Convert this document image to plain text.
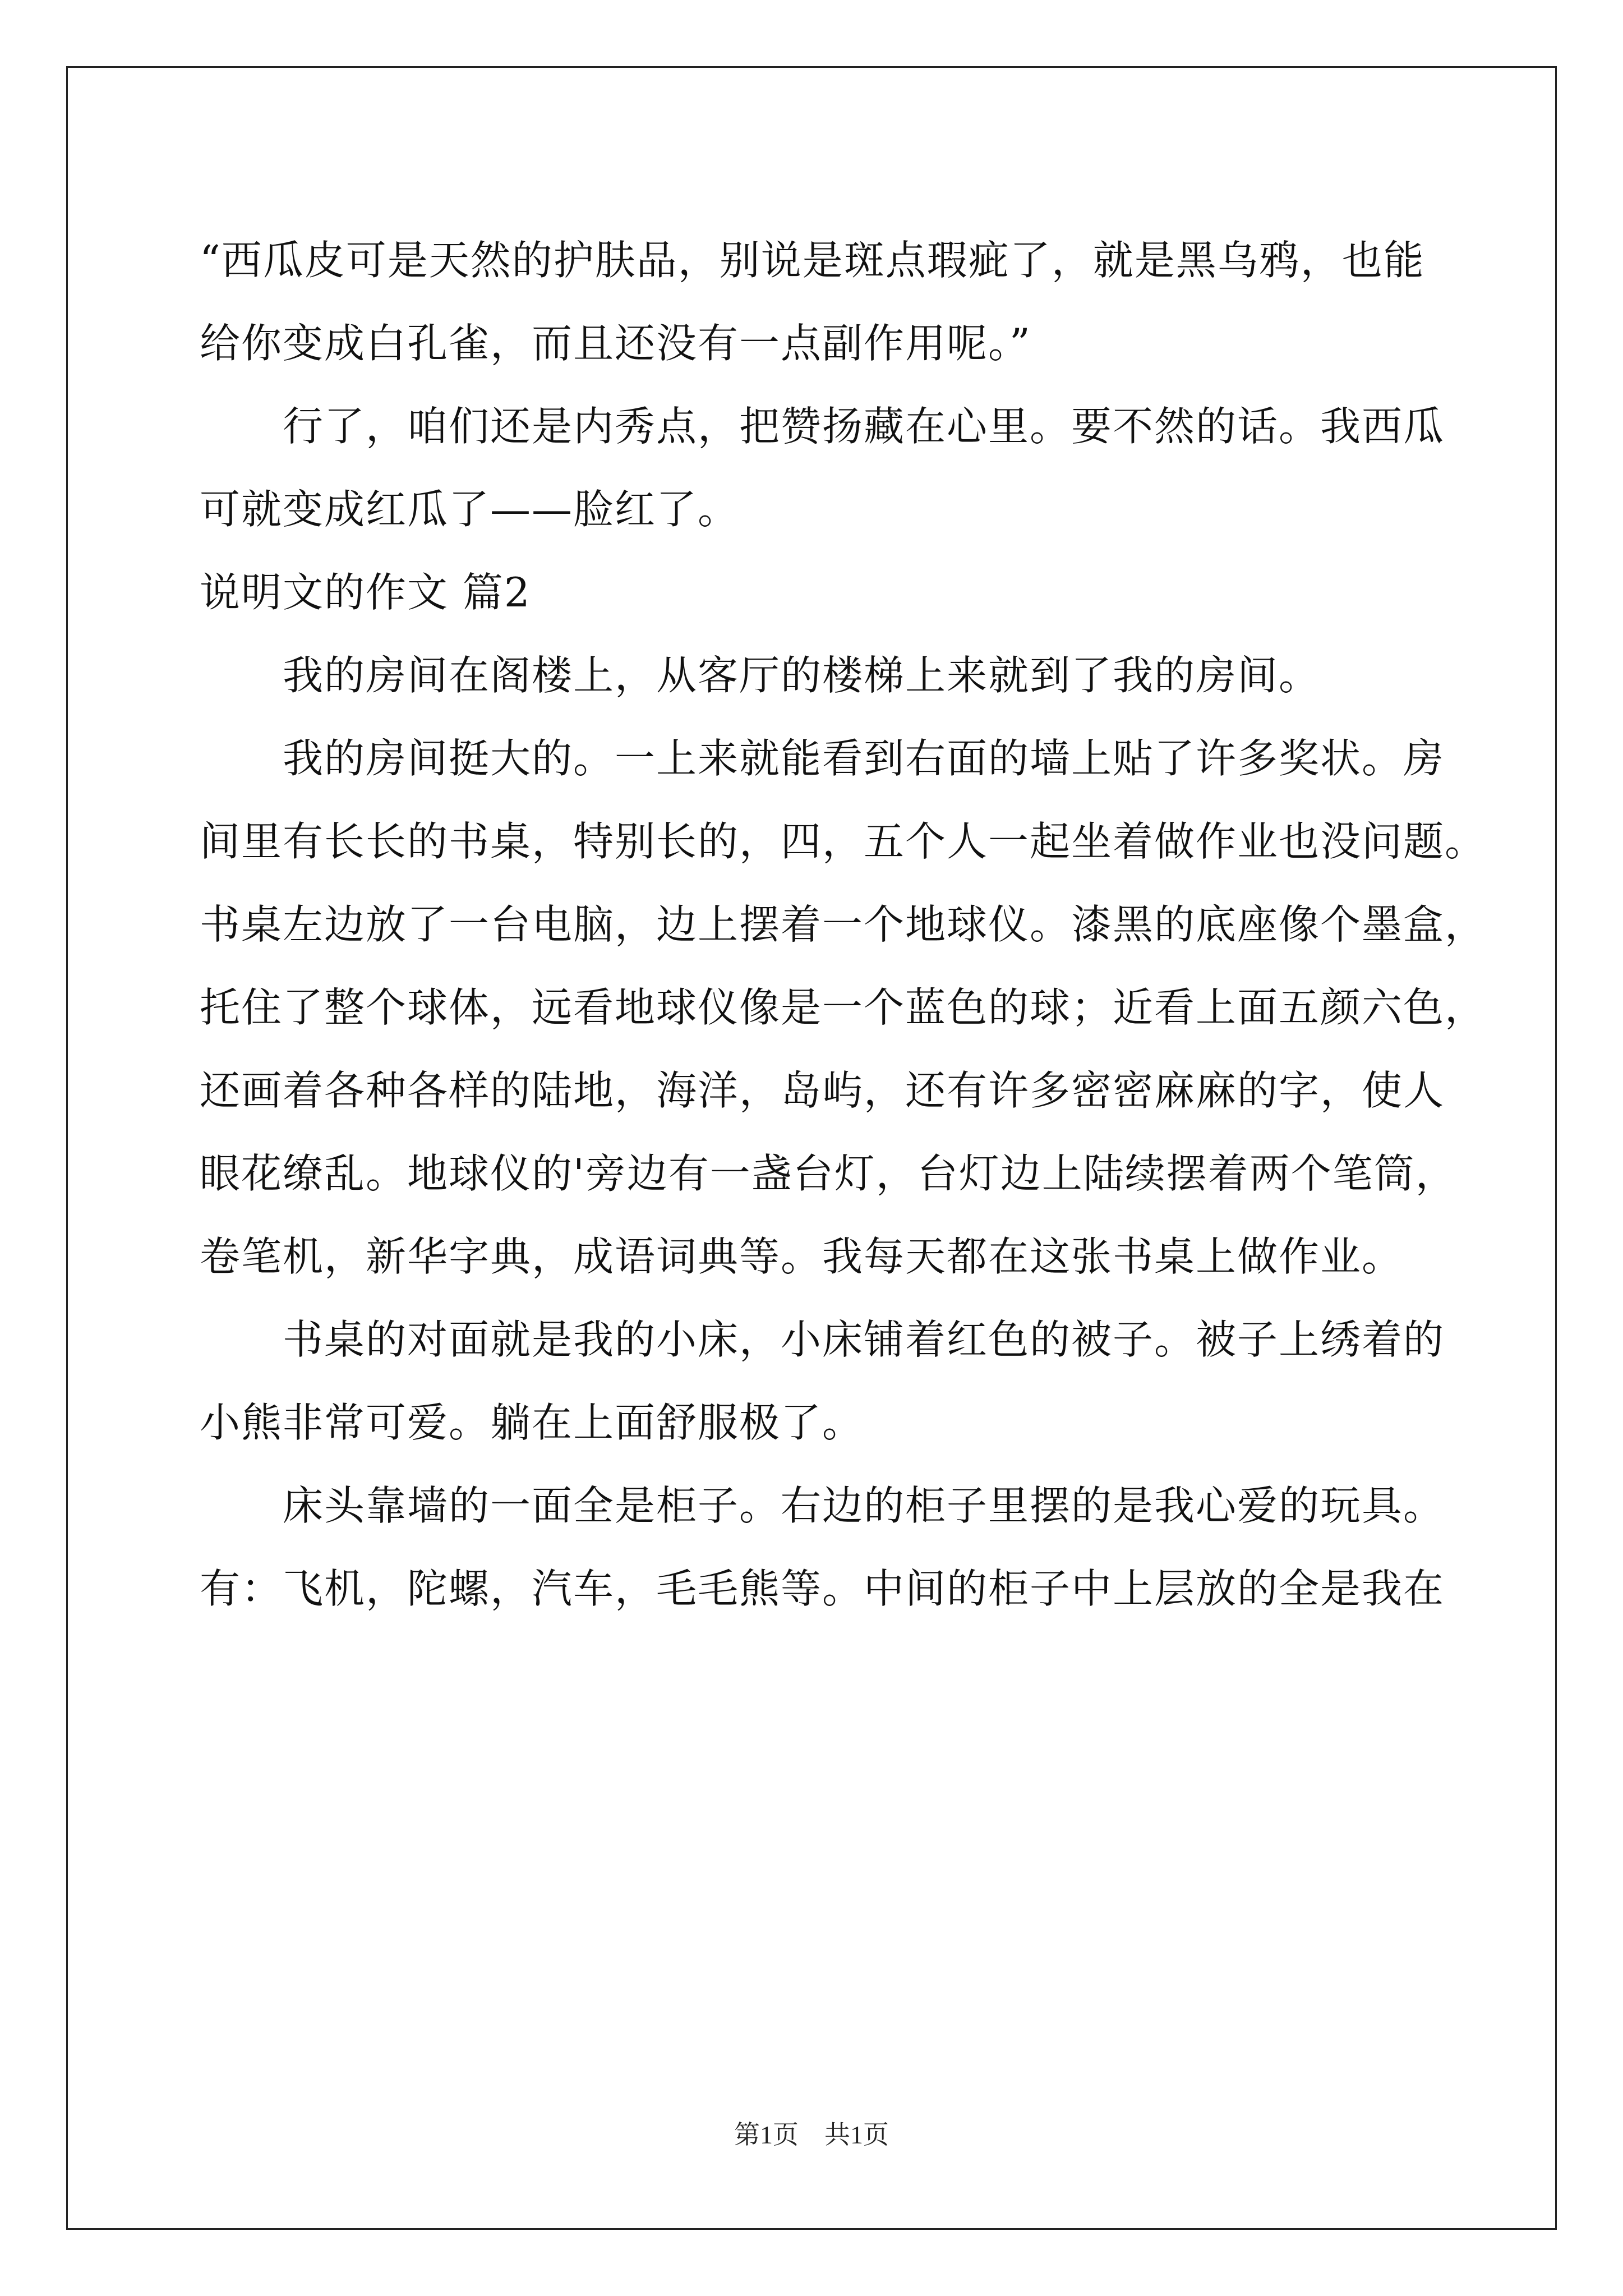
“西瓜皮可是天然的护肤品，别说是斑点瑕疵了，就是黑乌鸦，也能
给你变成白孔雀，而且还没有一点副作用呢。”
行了，咱们还是内秀点，把赞扬藏在心里。要不然的话。我西瓜
可就变成红瓜了——脸红了。
说明文的作文 篇2
我的房间在阁楼上，从客厅的楼梯上来就到了我的房间。
我的房间挺大的。一上来就能看到右面的墙上贴了许多奖状。房
间里有长长的书桌，特别长的，四，五个人一起坐着做作业也没问题。
书桌左边放了一台电脑，边上摆着一个地球仪。漆黑的底座像个墨盒，
托住了整个球体，远看地球仪像是一个蓝色的球；近看上面五颜六色，
还画着各种各样的陆地，海洋，岛屿，还有许多密密麻麻的字，使人
眼花缭乱。地球仪的'旁边有一盏台灯，台灯边上陆续摆着两个笔筒，
卷笔机，新华字典，成语词典等。我每天都在这张书桌上做作业。
书桌的对面就是我的小床，小床铺着红色的被子。被子上绣着的
小熊非常可爱。躺在上面舒服极了。
床头靠墙的一面全是柜子。右边的柜子里摆的是我心爱的玩具。
有：飞机，陀螺，汽车，毛毛熊等。中间的柜子中上层放的全是我在
第1页　共1页
